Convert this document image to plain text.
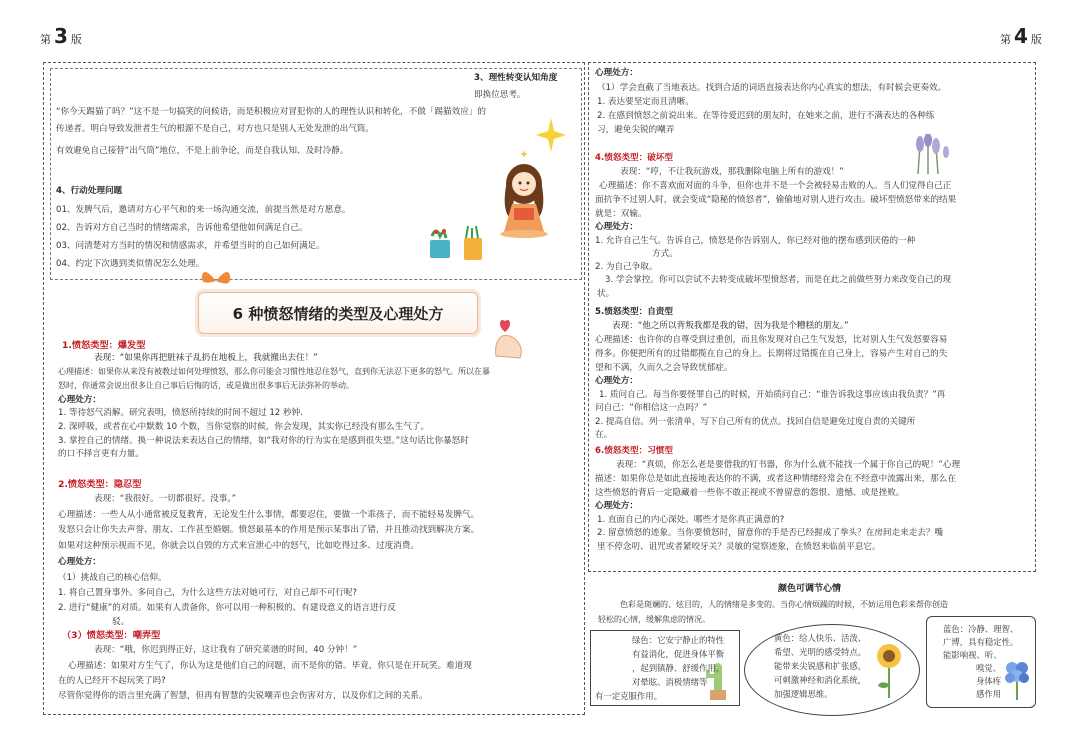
第 3 版	第 4 版
3、理性转变认知角度
即换位思考。
“你今天踢猫了吗？”这不是一句搞笑的问候语，而是积极应对冒犯你的人的理性认识和转化，不做「踢猫效应」的
传递者。明白导致发泄者生气的根源不是自己，对方也只是别人无处发泄的出气筒。
有效避免自己接替“出气筒”地位，不是上前争论，而是自我认知、及时冷静。
4、行动处理问题
01、发脾气后，邀请对方心平气和的来一场沟通交流，前提当然是对方愿意。
02、告诉对方自己当时的情绪需求，告诉他希望他如何满足自己。
03、问清楚对方当时的情况和情感需求，并希望当时的自己如何满足。
04、约定下次遇到类似情况怎么处理。
6 种愤怒情绪的类型及心理处方
1.愤怒类型：爆发型
表现：“如果你再把脏袜子乱扔在地板上，我就搬出去住！”
心理描述：如果你从来没有被教过如何处理愤怒，那么你可能会习惯性地忍住怒气，直到你无法忍下更多的怒气。所以在暴
怒时，你通常会说出很多让自己事后后悔的话，或是做出很多事后无法弥补的举动。
心理处方：
1. 等待怒气消解。研究表明，愤怒所持续的时间不超过 12 秒钟.
2. 深呼吸，或者在心中默数 10 个数，当你觉察的时候，你会发现，其实你已经没有那么生气了。
3. 掌控自己的情绪。换一种说法来表达自己的情绪，如“我对你的行为实在是感到很失望。”这句话比你暴怒时
的口不择言更有力量。
2.愤怒类型：隐忍型
表现：“我很好。一切都很好。没事。”
心理描述：一些人从小通常被反复教育，无论发生什么事情，都要忍住，要做一个乖孩子，而不能轻易发脾气。
发怒只会让你失去声誉、朋友、工作甚至婚姻。愤怒最基本的作用是预示某事出了错，并且推动找到解决方案。
如果对这种预示视而不见，你就会以自毁的方式来宣泄心中的怒气，比如吃得过多、过度消费。
心理处方：
（1）挑战自己的核心信仰。
1. 将自己置身事外。多问自己，为什么这些方法对她可行，对自己却不可行呢?
2. 进行“健康”的对质。如果有人责备你，你可以用一种积极的、有建设意义的语言进行反
驳。
（3）愤怒类型：嘲弄型
表现：“哦，你迟到得正好，这让我有了研究菜谱的时间，40 分钟！”
心理描述：如果对方生气了，你认为这是他们自己的问题，而不是你的错。毕竟，你只是在开玩笑。难道现
在的人已经开不起玩笑了吗?
尽管你觉得你的语言里充满了智慧，但再有智慧的尖锐嘲弄也会伤害对方，以及你们之间的关系。
心理处方：
（1）学会直截了当地表达。找到合适的词语直接表达你内心真实的想法，有时候会更奏效。
1. 表达要坚定而且清晰。
2. 在感到愤怒之前说出来。在等待爱迟到的朋友时，在她来之前，进行不满表达的各种练
习，避免尖锐的嘲弄
4.愤怒类型：破坏型
表现：“哼，不让我玩游戏，那我删除电脑上所有的游戏！”
心理描述：你不喜欢面对面的斗争，但你也并不是一个会被轻易击败的人。当人们觉得自己正
面抗争不过别人时，就会变成“隐秘的愤怒者”，偷偷地对别人进行攻击。破坏型愤怒带来的结果
就是：双输。
心理处方：
1. 允许自己生气。告诉自己，愤怒是你告诉别人，你已经对他的摆布感到厌倦的一种
方式。
2. 为自己争取。
3. 学会掌控。你可以尝试不去转变成破坏型愤怒者，而是在此之前做些努力来改变自己的现
状。
5.愤怒类型：自责型
表现：“他之所以背叛我都是我的错，因为我是个糟糕的朋友。”
心理描述：也许你的自尊受到过重创，而且你发现对自己生气发怒，比对别人生气发怒要容易
得多。你便把所有的过错都揽在自己的身上。长期将过错揽在自己身上，容易产生对自己的失
望和不满，久而久之会导致忧郁症。
心理处方：
1. 质问自己。每当你要怪罪自己的时候，开始质问自己：“谁告诉我这事应该由我负责？”再
问自己：“你相信这一点吗？”
2. 提高自信。列一张清单，写下自己所有的优点。找回自信是避免过度自责的关键所
在。
6.愤怒类型：习惯型
表现：“真烦，你怎么老是要借我的钉书器，你为什么就不能找一个属于你自己的呢！”心理
描述：如果你总是如此直接地表达你的不满，或者这种情绪经常会在不经意中流露出来，那么在
这些愤怒的背后一定隐藏着一些你不敢正视或不曾留意的怨恨、遗憾、或是挫败。
心理处方：
1. 直面自己的内心深处。哪些才是你真正满意的?
2. 留意愤怒的迹象。当你要愤怒时，留意你的手是否已经握成了拳头？在房间走来走去？嘴
里不停念叨、诅咒或者紧咬牙关？灵敏的觉察迹象，在愤怒来临前平息它。
颜色可调节心情
色彩是斑斓的、炫目的，人的情绪是多变的。当你心情烦躁的时候，不妨运用色彩来帮你创造
轻松的心情，缓解焦虑的情况。
绿色：它安宁静止的特性
有益消化，促进身体平衡
，起到镇静、舒缓作用，
对晕眩、消极情绪等
有一定克服作用。
黄色：给人快乐、活泼、
希望、光明的感受特点。
能带来尖锐感和扩张感，
可刺激神经和消化系统，
加强逻辑思维。
蓝色：冷静、理智、
广博，具有稳定性。
能影响视、听、
嗅觉、
身体疼
感作用
